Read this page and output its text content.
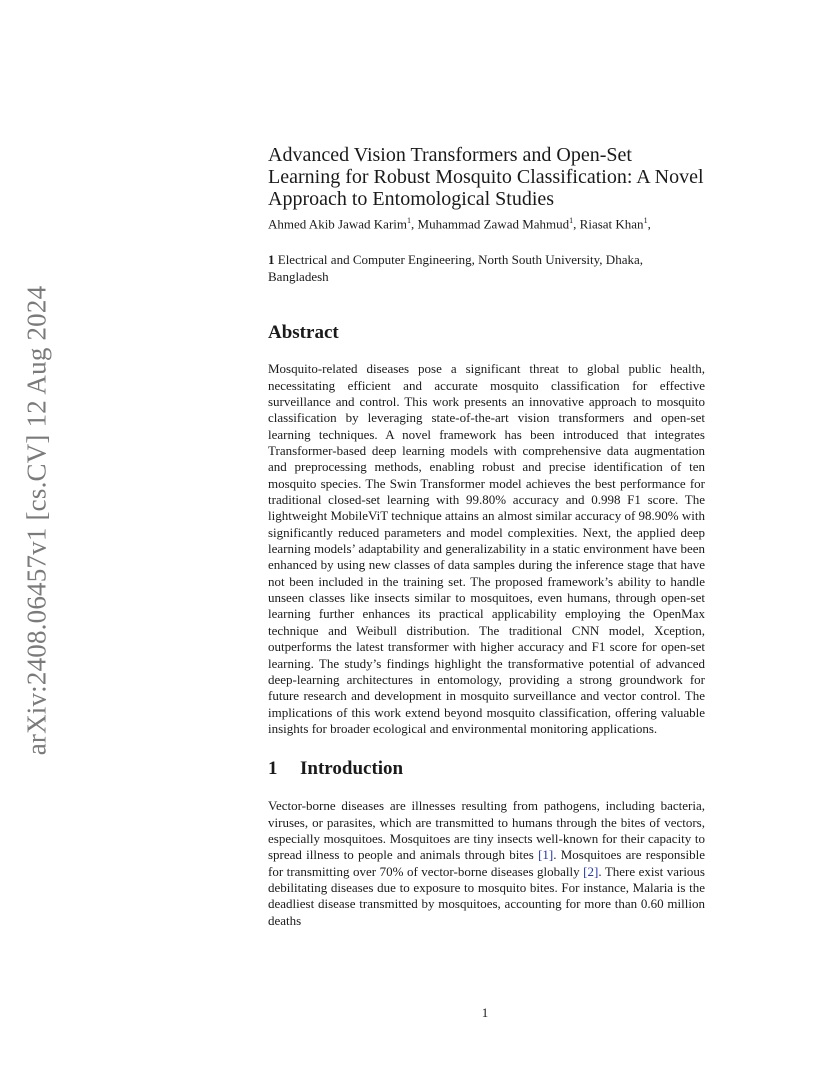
arXiv:2408.06457v1 [cs.CV] 12 Aug 2024
Advanced Vision Transformers and Open-Set Learning for Robust Mosquito Classification: A Novel Approach to Entomological Studies

Ahmed Akib Jawad Karim$^1$, Muhammad Zawad Mahmud$^1$, Riasat Khan$^1$,

1 Electrical and Computer Engineering, North South University, Dhaka, Bangladesh

Abstract

Mosquito-related diseases pose a significant threat to global public health, necessitating efficient and accurate mosquito classification for effective surveillance and control. This work presents an innovative approach to mosquito classification by leveraging state-of-the-art vision transformers and open-set learning techniques. A novel framework has been introduced that integrates Transformer-based deep learning models with comprehensive data augmentation and preprocessing methods, enabling robust and precise identification of ten mosquito species. The Swin Transformer model achieves the best performance for traditional closed-set learning with 99.80% accuracy and 0.998 F1 score. The lightweight MobileViT technique attains an almost similar accuracy of 98.90% with significantly reduced parameters and model complexities. Next, the applied deep learning models’ adaptability and generalizability in a static environment have been enhanced by using new classes of data samples during the inference stage that have not been included in the training set. The proposed framework’s ability to handle unseen classes like insects similar to mosquitoes, even humans, through open-set learning further enhances its practical applicability employing the OpenMax technique and Weibull distribution. The traditional CNN model, Xception, outperforms the latest transformer with higher accuracy and F1 score for open-set learning. The study’s findings highlight the transformative potential of advanced deep-learning architectures in entomology, providing a strong groundwork for future research and development in mosquito surveillance and vector control. The implications of this work extend beyond mosquito classification, offering valuable insights for broader ecological and environmental monitoring applications.

1 Introduction

Vector-borne diseases are illnesses resulting from pathogens, including bacteria, viruses, or parasites, which are transmitted to humans through the bites of vectors, especially mosquitoes. Mosquitoes are tiny insects well-known for their capacity to spread illness to people and animals through bites [1]. Mosquitoes are responsible for transmitting over 70% of vector-borne diseases globally [2]. There exist various debilitating diseases due to exposure to mosquito bites. For instance, Malaria is the deadliest disease transmitted by mosquitoes, accounting for more than 0.60 million deaths

1
